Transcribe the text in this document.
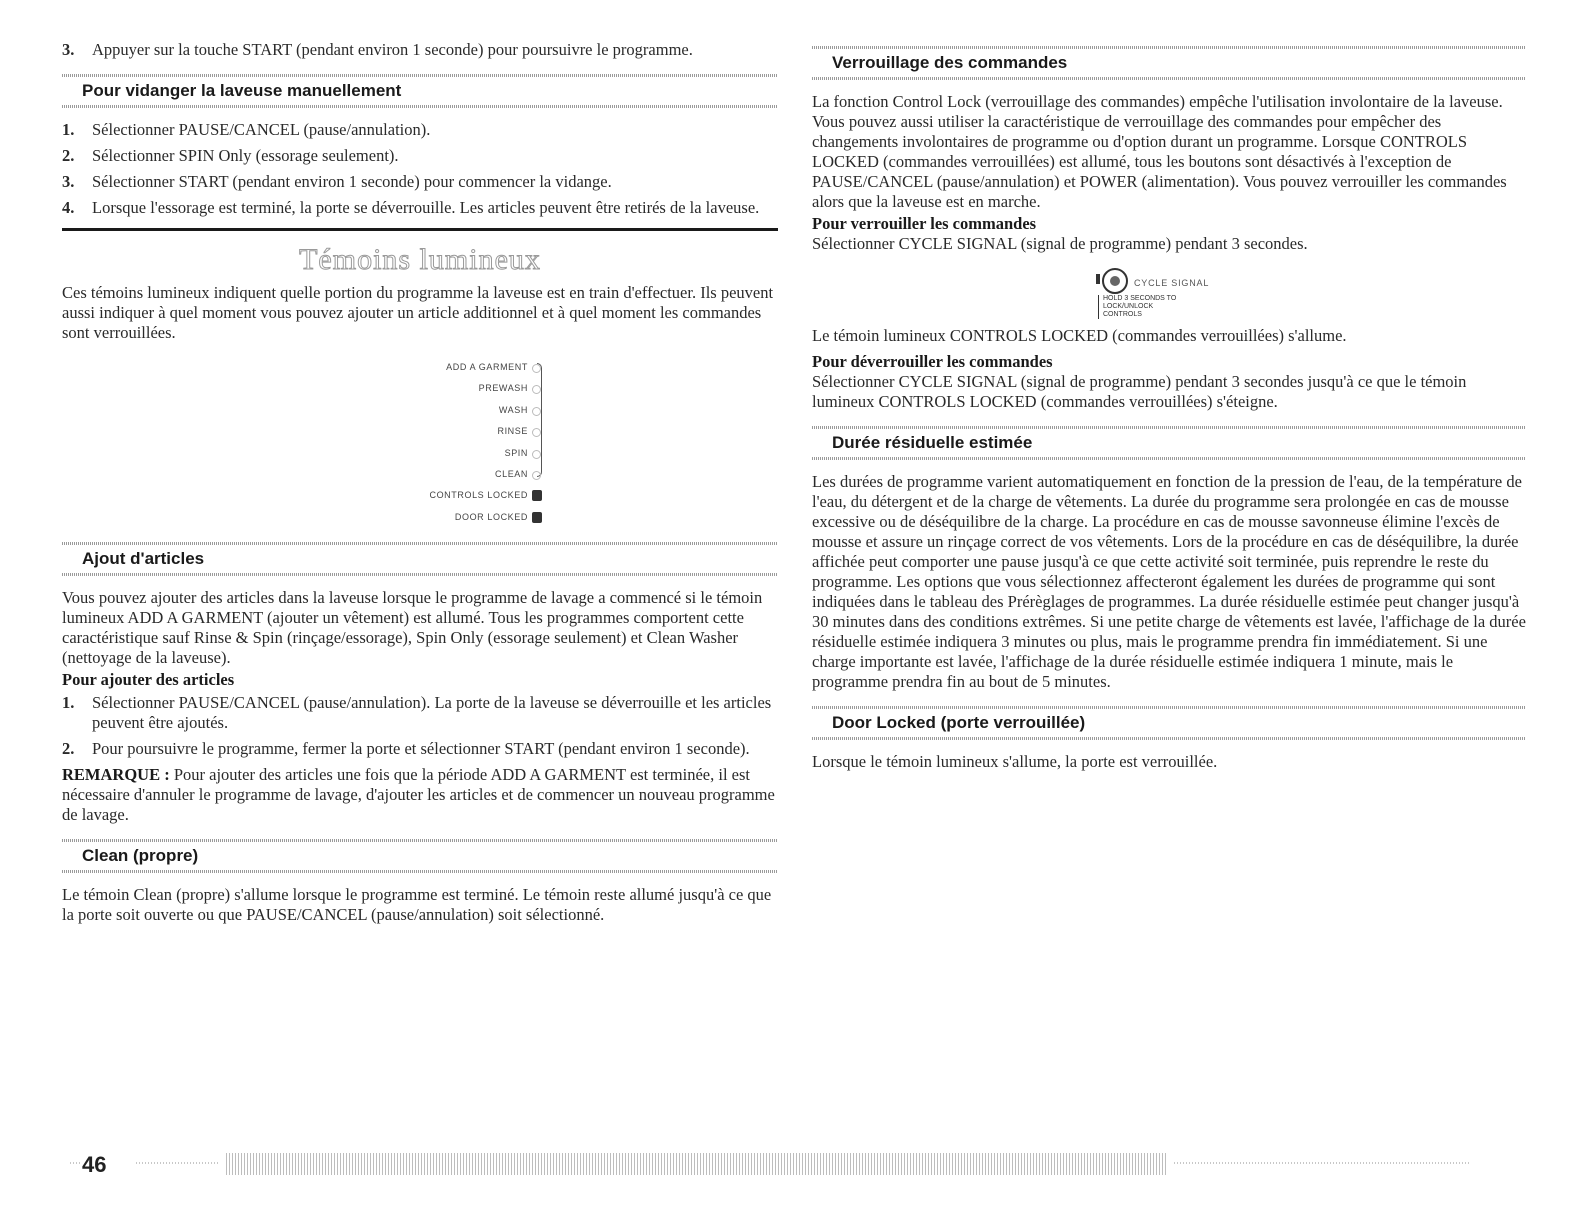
3. Appuyer sur la touche START (pendant environ 1 seconde) pour poursuivre le programme.
Pour vidanger la laveuse manuellement
1. Sélectionner PAUSE/CANCEL (pause/annulation).
2. Sélectionner SPIN Only (essorage seulement).
3. Sélectionner START (pendant environ 1 seconde) pour commencer la vidange.
4. Lorsque l'essorage est terminé, la porte se déverrouille. Les articles peuvent être retirés de la laveuse.
Témoins lumineux

Ces témoins lumineux indiquent quelle portion du programme la laveuse est en train d'effectuer. Ils peuvent aussi indiquer à quel moment vous pouvez ajouter un article additionnel et à quel moment les commandes sont verrouillées.

ADD A GARMENT
PREWASH
WASH
RINSE
SPIN
CLEAN
CONTROLS LOCKED
DOOR LOCKED
Ajout d'articles

Vous pouvez ajouter des articles dans la laveuse lorsque le programme de lavage a commencé si le témoin lumineux ADD A GARMENT (ajouter un vêtement) est allumé. Tous les programmes comportent cette caractéristique sauf Rinse & Spin (rinçage/essorage), Spin Only (essorage seulement) et Clean Washer (nettoyage de la laveuse).

Pour ajouter des articles

1. Sélectionner PAUSE/CANCEL (pause/annulation). La porte de la laveuse se déverrouille et les articles peuvent être ajoutés.
2. Pour poursuivre le programme, fermer la porte et sélectionner START (pendant environ 1 seconde).

REMARQUE : Pour ajouter des articles une fois que la période ADD A GARMENT est terminée, il est nécessaire d'annuler le programme de lavage, d'ajouter les articles et de commencer un nouveau programme de lavage.

Clean (propre)

Le témoin Clean (propre) s'allume lorsque le programme est terminé. Le témoin reste allumé jusqu'à ce que la porte soit ouverte ou que PAUSE/CANCEL (pause/annulation) soit sélectionné.

Verrouillage des commandes

La fonction Control Lock (verrouillage des commandes) empêche l'utilisation involontaire de la laveuse. Vous pouvez aussi utiliser la caractéristique de verrouillage des commandes pour empêcher des changements involontaires de programme ou d'option durant un programme. Lorsque CONTROLS LOCKED (commandes verrouillées) est allumé, tous les boutons sont désactivés à l'exception de PAUSE/CANCEL (pause/annulation) et POWER (alimentation). Vous pouvez verrouiller les commandes alors que la laveuse est en marche.

Pour verrouiller les commandes

Sélectionner CYCLE SIGNAL (signal de programme) pendant 3 secondes.

CYCLE SIGNAL
HOLD 3 SECONDS TO LOCK/UNLOCK CONTROLS

Le témoin lumineux CONTROLS LOCKED (commandes verrouillées) s'allume.

Pour déverrouiller les commandes

Sélectionner CYCLE SIGNAL (signal de programme) pendant 3 secondes jusqu'à ce que le témoin lumineux CONTROLS LOCKED (commandes verrouillées) s'éteigne.

Durée résiduelle estimée

Les durées de programme varient automatiquement en fonction de la pression de l'eau, de la température de l'eau, du détergent et de la charge de vêtements. La durée du programme sera prolongée en cas de mousse excessive ou de déséquilibre de la charge. La procédure en cas de mousse savonneuse élimine l'excès de mousse et assure un rinçage correct de vos vêtements. Lors de la procédure en cas de déséquilibre, la durée affichée peut comporter une pause jusqu'à ce que cette activité soit terminée, puis reprendre le reste du programme. Les options que vous sélectionnez affecteront également les durées de programme qui sont indiquées dans le tableau des Prérèglages de programmes. La durée résiduelle estimée peut changer jusqu'à 30 minutes dans des conditions extrêmes. Si une petite charge de vêtements est lavée, l'affichage de la durée résiduelle estimée indiquera 3 minutes ou plus, mais le programme prendra fin immédiatement. Si une charge importante est lavée, l'affichage de la durée résiduelle estimée indiquera 1 minute, mais le programme prendra fin au bout de 5 minutes.

Door Locked (porte verrouillée)

Lorsque le témoin lumineux s'allume, la porte est verrouillée.

46
